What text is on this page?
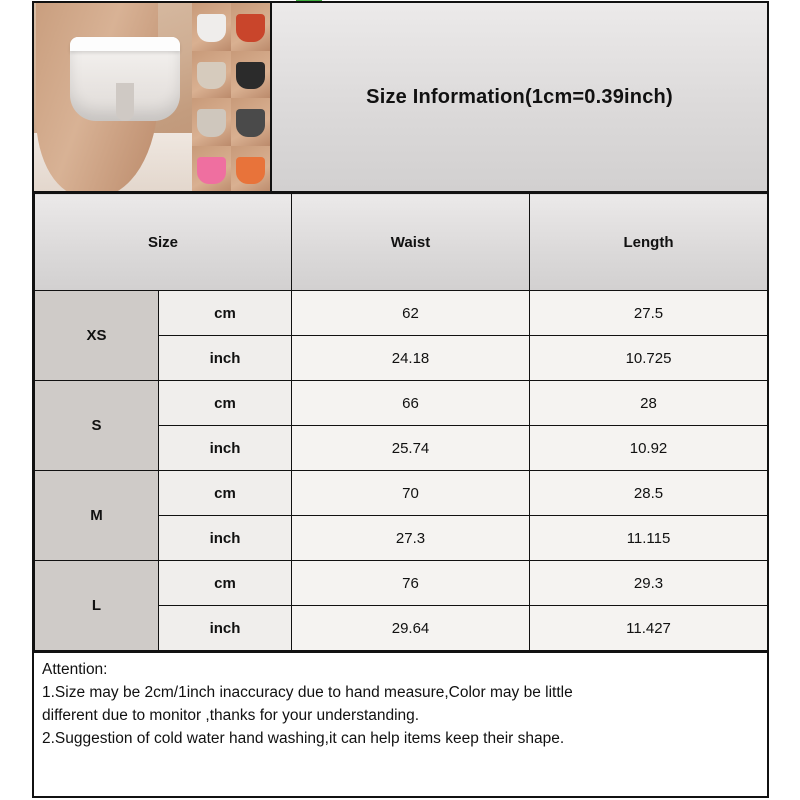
Size Information(1cm=0.39inch)
Size		Waist	Length
XS	cm	62	27.5
	inch	24.18	10.725
S	cm	66	28
	inch	25.74	10.92
M	cm	70	28.5
	inch	27.3	11.115
L	cm	76	29.3
	inch	29.64	11.427

Attention:

1.Size may be 2cm/1inch inaccuracy due to hand measure,Color may be little

different due to monitor ,thanks for your understanding.

2.Suggestion of cold water hand washing,it can help items keep their shape.
